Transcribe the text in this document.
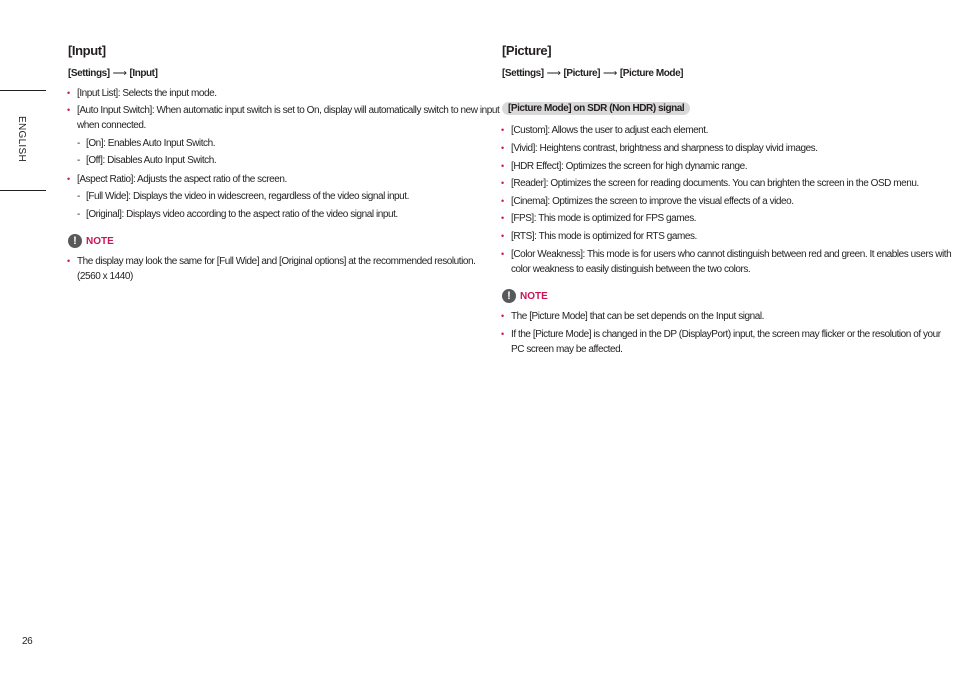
ENGLISH
26
[Input]
[Settings] ⟶ [Input]
• [Input List]: Selects the input mode.
• [Auto Input Switch]: When automatic input switch is set to On, display will automatically switch to new input
when connected.
- [On]: Enables Auto Input Switch.
- [Off]: Disables Auto Input Switch.
• [Aspect Ratio]: Adjusts the aspect ratio of the screen.
- [Full Wide]: Displays the video in widescreen, regardless of the video signal input.
- [Original]: Displays video according to the aspect ratio of the video signal input.
! NOTE
• The display may look the same for [Full Wide] and [Original options] at the recommended resolution.
(2560 x 1440)
[Picture]
[Settings] ⟶ [Picture] ⟶ [Picture Mode]
[Picture Mode] on SDR (Non HDR) signal
• [Custom]: Allows the user to adjust each element.
• [Vivid]: Heightens contrast, brightness and sharpness to display vivid images.
• [HDR Effect]: Optimizes the screen for high dynamic range.
• [Reader]: Optimizes the screen for reading documents. You can brighten the screen in the OSD menu.
• [Cinema]: Optimizes the screen to improve the visual effects of a video.
• [FPS]: This mode is optimized for FPS games.
• [RTS]: This mode is optimized for RTS games.
• [Color Weakness]: This mode is for users who cannot distinguish between red and green. It enables users with
color weakness to easily distinguish between the two colors.
! NOTE
• The [Picture Mode] that can be set depends on the Input signal.
• If the [Picture Mode] is changed in the DP (DisplayPort) input, the screen may flicker or the resolution of your
PC screen may be affected.
